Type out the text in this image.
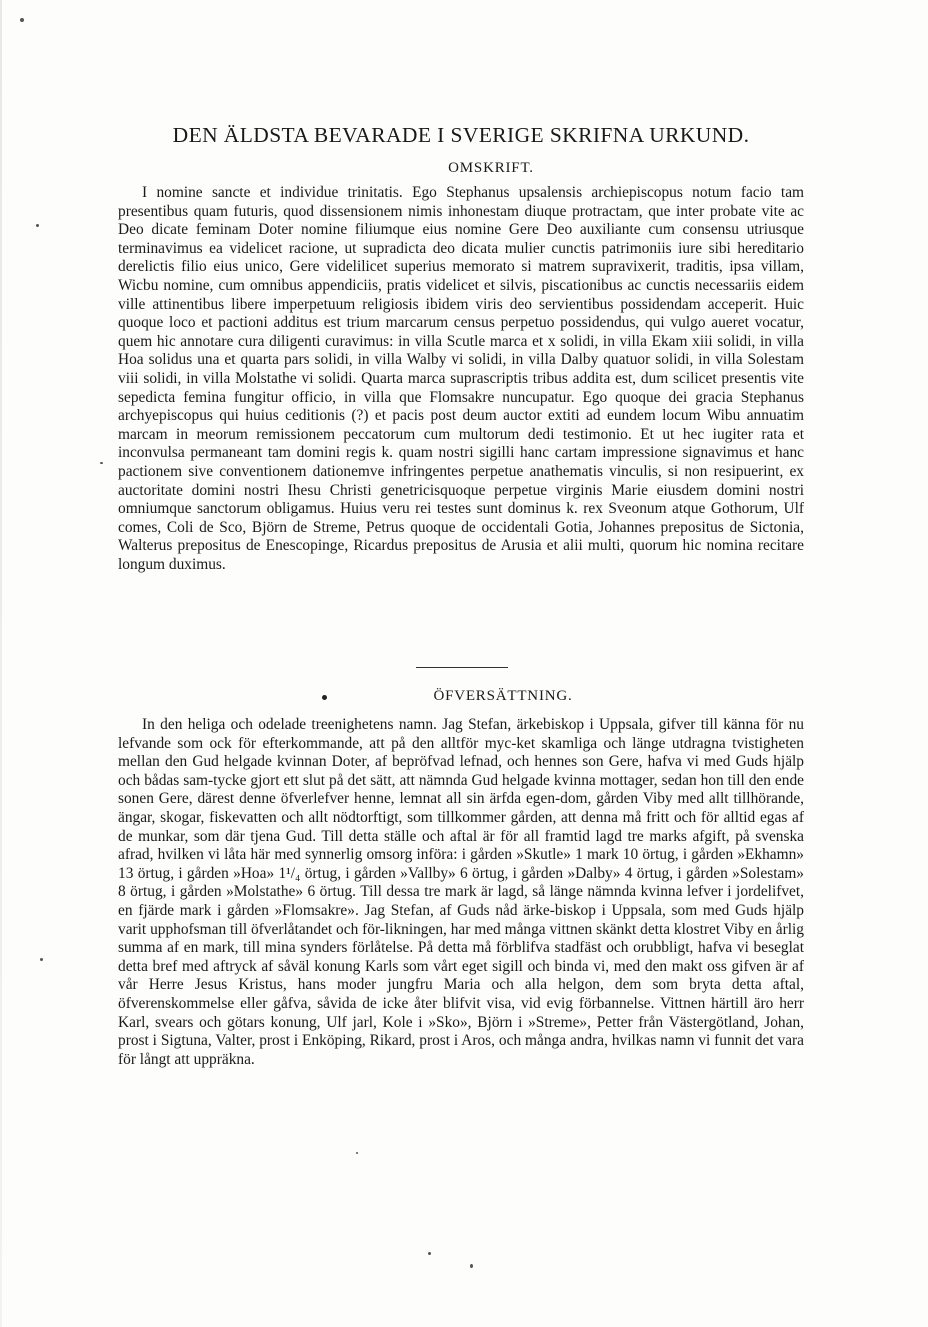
DEN ÄLDSTA BEVARADE I SVERIGE SKRIFNA URKUND.
OMSKRIFT.

I nomine sancte et individue trinitatis. Ego Stephanus upsalensis archiepiscopus notum facio tam presentibus quam futuris, quod dissensionem nimis inhonestam diuque protractam, que inter probate vite ac Deo dicate feminam Doter nomine filiumque eius nomine Gere Deo auxiliante cum consensu utriusque terminavimus ea videlicet racione, ut supradicta deo dicata mulier cunctis patrimoniis iure sibi hereditario derelictis filio eius unico, Gere videlilicet superius memorato si matrem supravixerit, traditis, ipsa villam, Wicbu nomine, cum omnibus appendiciis, pratis videlicet et silvis, piscationibus ac cunctis necessariis eidem ville attinentibus libere imperpetuum religiosis ibidem viris deo servientibus possidendam acceperit. Huic quoque loco et pactioni additus est trium marcarum census perpetuo possidendus, qui vulgo aueret vocatur, quem hic annotare cura diligenti curavimus: in villa Scutle marca et x solidi, in villa Ekam xiii solidi, in villa Hoa solidus una et quarta pars solidi, in villa Walby vi solidi, in villa Dalby quatuor solidi, in villa Solestam viii solidi, in villa Molstathe vi solidi. Quarta marca suprascriptis tribus addita est, dum scilicet presentis vite sepedicta femina fungitur officio, in villa que Flomsakre nuncupatur. Ego quoque dei gracia Stephanus archyepiscopus qui huius ceditionis (?) et pacis post deum auctor extiti ad eundem locum Wibu annuatim marcam in meorum remissionem peccatorum cum multorum dedi testimonio. Et ut hec iugiter rata et inconvulsa permaneant tam domini regis k. quam nostri sigilli hanc cartam impressione signavimus et hanc pactionem sive conventionem dationemve infringentes perpetue anathematis vinculis, si non resipuerint, ex auctoritate domini nostri Ihesu Christi genetricisquoque perpetue virginis Marie eiusdem domini nostri omniumque sanctorum obligamus. Huius veru rei testes sunt dominus k. rex Sveonum atque Gothorum, Ulf comes, Coli de Sco, Björn de Streme, Petrus quoque de occidentali Gotia, Johannes prepositus de Sictonia, Walterus prepositus de Enescopinge, Ricardus prepositus de Arusia et alii multi, quorum hic nomina recitare longum duximus.

ÖFVERSÄTTNING.

In den heliga och odelade treenighetens namn. Jag Stefan, ärkebiskop i Uppsala, gifver till känna för nu lefvande som ock för efterkommande, att på den alltför myc-ket skamliga och länge utdragna tvistigheten mellan den Gud helgade kvinnan Doter, af bepröfvad lefnad, och hennes son Gere, hafva vi med Guds hjälp och bådas sam-tycke gjort ett slut på det sätt, att nämnda Gud helgade kvinna mottager, sedan hon till den ende sonen Gere, därest denne öfverlefver henne, lemnat all sin ärfda egen-dom, gården Viby med allt tillhörande, ängar, skogar, fiskevatten och allt nödtorftigt, som tillkommer gården, att denna må fritt och för alltid egas af de munkar, som där tjena Gud. Till detta ställe och aftal är för all framtid lagd tre marks afgift, på svenska afrad, hvilken vi låta här med synnerlig omsorg införa: i gården »Skutle» 1 mark 10 örtug, i gården »Ekhamn» 13 örtug, i gården »Hoa» 1¹/₄ örtug, i gården »Vallby» 6 örtug, i gården »Dalby» 4 örtug, i gården »Solestam» 8 örtug, i gården »Molstathe» 6 örtug. Till dessa tre mark är lagd, så länge nämnda kvinna lefver i jordelifvet, en fjärde mark i gården »Flomsakre». Jag Stefan, af Guds nåd ärke-biskop i Uppsala, som med Guds hjälp varit upphofsman till öfverlåtandet och för-likningen, har med många vittnen skänkt detta klostret Viby en årlig summa af en mark, till mina synders förlåtelse. På detta må förblifva stadfäst och orubbligt, hafva vi beseglat detta bref med aftryck af såväl konung Karls som vårt eget sigill och binda vi, med den makt oss gifven är af vår Herre Jesus Kristus, hans moder jungfru Maria och alla helgon, dem som bryta detta aftal, öfverenskommelse eller gåfva, såvida de icke åter blifvit visa, vid evig förbannelse. Vittnen härtill äro herr Karl, svears och götars konung, Ulf jarl, Kole i »Sko», Björn i »Streme», Petter från Västergötland, Johan, prost i Sigtuna, Valter, prost i Enköping, Rikard, prost i Aros, och många andra, hvilkas namn vi funnit det vara för långt att uppräkna.
